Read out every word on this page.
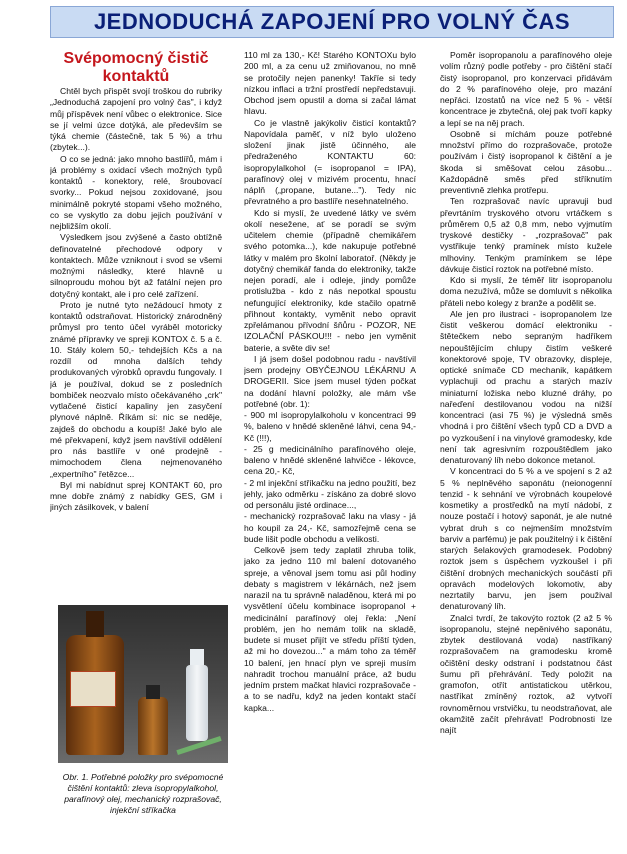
JEDNODUCHÁ ZAPOJENÍ PRO VOLNÝ ČAS

Svépomocný čistič kontaktů

Chtěl bych přispět svojí troškou do rubriky „Jednoduchá zapojení pro volný čas", i když můj příspěvek není vůbec o elektronice. Sice se jí velmi úzce dotýká, ale především se týká chemie (částečně, tak 5 %) a trhu (zbytek...).

O co se jedná: jako mnoho bastlířů, mám i já problémy s oxidací všech možných typů kontaktů - konektory, relé, šroubovací svorky... Pokud nejsou zoxidované, jsou minimálně pokryté stopami všeho možného, co se vyskytlo za dobu jejich používání v nejbližším okolí.

Výsledkem jsou zvýšené a často obtížně definovatelné přechodové odpory v kontaktech. Může vzniknout i svod se všemi možnými následky, které hlavně u silnoproudu mohou být až fatální nejen pro dotyčný kontakt, ale i pro celé zařízení.

Proto je nutné tyto nežádoucí hmoty z kontaktů odstraňovat. Historický znárodněný průmysl pro tento účel vyráběl motoricky známé přípravky ve spreji KONTOX č. 5 a č. 10. Stály kolem 50,- tehdejších Kčs a na rozdíl od mnoha dalších tehdy produkovaných výrobků opravdu fungovaly. I já je používal, dokud se z posledních bombiček neozvalo místo očekávaného „crk" vytlačené čisticí kapaliny jen zasyčení plynové náplně. Říkám si: nic se neděje, zajdeš do obchodu a koupíš! Jaké bylo ale mé překvapení, když jsem navštívil oddělení pro nás bastlíře v oné prodejně - mimochodem člena nejmenovaného „expertního" řetězce...

Byl mi nabídnut sprej KONTAKT 60, pro mne dobře známý z nabídky GES, GM i jiných zásilkovek, v balení

Obr. 1. Potřebné položky pro svépomocné čištění kontaktů: zleva isopropylalkohol, parafínový olej, mechanický rozprašovač, injekční stříkačka

110 ml za 130,- Kč! Starého KONTOXu bylo 200 ml, a za cenu už zmiňovanou, no mně se protočily nejen panenky! Takříe si tedy nízkou inflaci a tržní prostředí nepředstavuji. Obchod jsem opustil a doma si začal lámat hlavu.

Co je vlastně jakýkoliv čisticí kontaktů? Napovídala paměť, v níž bylo uloženo složení jinak jistě účinného, ale předraženého KONTAKTU 60: isopropylalkohol (= isopropanol = IPA), parafínový olej v mizivém procentu, hnací náplň („propane, butane..."). Tedy nic převratného a pro bastlíře nesehnatelného.

Kdo si myslí, že uvedené látky ve svém okolí nesežene, ať se poradí se svým učitelem chemie (případně chemikářem svého potomka...), kde nakupuje potřebné látky v malém pro školní laboratoř. (Někdy je dotyčný chemikář fanda do elektroniky, takže nejen poradí, ale i odleje, jindy pomůže protislužba - kdo z nás nepotkal spoustu nefungující elektroniky, kde stačilo opatrně přihnout kontakty, vyměnit nebo opravit zpřelámanou přívodní šňůru - POZOR, NE IZOLAČNÍ PÁSKOU!!! - nebo jen vyměnit baterie, a světe div se!

I já jsem došel podobnou radu - navštívil jsem prodejny OBYČEJNOU LÉKÁRNU A DROGERII. Sice jsem musel týden počkat na dodání hlavní položky, ale mám vše potřebné (obr. 1):

- 900 ml isopropylalkoholu v koncentraci 99 %, baleno v hnědé skleněné láhvi, cena 94,- Kč (!!!),

- 25 g medicinálního parafínového oleje, baleno v hnědé skleněné lahvičce - lékovce, cena 20,- Kč,

- 2 ml injekční stříkačku na jedno použití, bez jehly, jako odměrku - získáno za dobré slovo od personálu jisté ordinace...,

- mechanický rozprašovač laku na vlasy - já ho koupil za 24,- Kč, samozřejmě cena se bude lišit podle obchodu a velikosti.

Celkově jsem tedy zaplatil zhruba tolik, jako za jedno 110 ml balení dotovaného spreje, a věnoval jsem tomu asi půl hodiny debaty s magistrem v lékárnách, než jsem narazil na tu správně naladěnou, která mi po vysvětlení účelu kombinace isopropanol + medicinální parafínový olej řekla: „Není problém, jen ho nemám tolik na skladě, budete si muset přijít ve středu příští týden, až mi ho dovezou..." a mám toho za téměř 10 balení, jen hnací plyn ve spreji musím nahradit trochou manuální práce, až budu jedním prstem mačkat hlavici rozprašovače - a to se nadřu, když na jeden kontakt stačí kapka...

Poměr isopropanolu a parafínového oleje volím různý podle potřeby - pro čištění stačí čistý isopropanol, pro konzervaci přidávám do 2 % parafínového oleje, pro mazání nepřáci. Izostatů na více než 5 % - větší koncentrace je zbytečná, olej pak tvoří kapky a lepí se na něj prach.

Osobně si míchám pouze potřebné množství přímo do rozprašovače, protože používám i čistý isopropanol k čištění a je škoda si směšovat celou zásobu... Každopádně směs před stříknutím preventivně zlehka protřepu.

Ten rozprašovač navíc upravuji bud převrtáním tryskového otvoru vrtáčkem s průměrem 0,5 až 0,8 mm, nebo vyjmutím tryskové destičky - „rozprašovač" pak vystřikuje tenký pramínek místo kužele mlhoviny. Tenkým pramínkem se lépe dávkuje čisticí roztok na potřebné místo.

Kdo si myslí, že téměř litr isopropanolu doma nezužívá, může se domluvit s několika přáteli nebo kolegy z branže a podělit se.

Ale jen pro ilustraci - isopropanolem lze čistit veškerou domácí elektroniku - štětečkem nebo sepraným hadříkem nepouštějícím chlupy čistím veškeré konektorové spoje, TV obrazovky, displeje, optické snímače CD mechanik, kapátkem vyplachuji od prachu a starých mazív miniaturní ložiska nebo kluzné dráhy, po nařeďení destilovanou vodou na nižší koncentraci (asi 75 %) je výsledná směs vhodná i pro čištění všech typů CD a DVD a po vyzkoušení i na vinylové gramodesky, kde není tak agresivním rozpouštědlem jako denaturovaný líh nebo dokonce metanol.

V koncentraci do 5 % a ve spojení s 2 až 5 % neplněvého saponátu (neionogenní tenzid - k sehnání ve výrobnách koupelové kosmetiky a prostředků na mytí nádobí, z nouze postačí i hotový saponát, je ale nutné vybrat druh s co nejmenším množstvím barviv a parfému) je pak použitelný i k čištění starých šelakových gramodesek. Podobný roztok jsem s úspěchem vyzkoušel i při čištění drobných mechanických součástí při opravách modelových lokomotiv, aby nezrtatily barvu, jen jsem použival denaturovaný líh.

Znalci tvrdí, že takovýto roztok (2 až 5 % isopropanolu, stejné nepěnivého saponátu, zbytek destilovaná voda) nastříkaný rozprašovačem na gramodesku kromě očištění desky odstraní i podstatnou část šumu při přehrávání. Tedy položit na gramofon, otřít antistatickou utěrkou, nastříkat zmíněný roztok, až vytvoří rovnoměrnou vrstvičku, tu neodstraňovat, ale okamžitě začít přehrávat! Podrobnosti lze najít
